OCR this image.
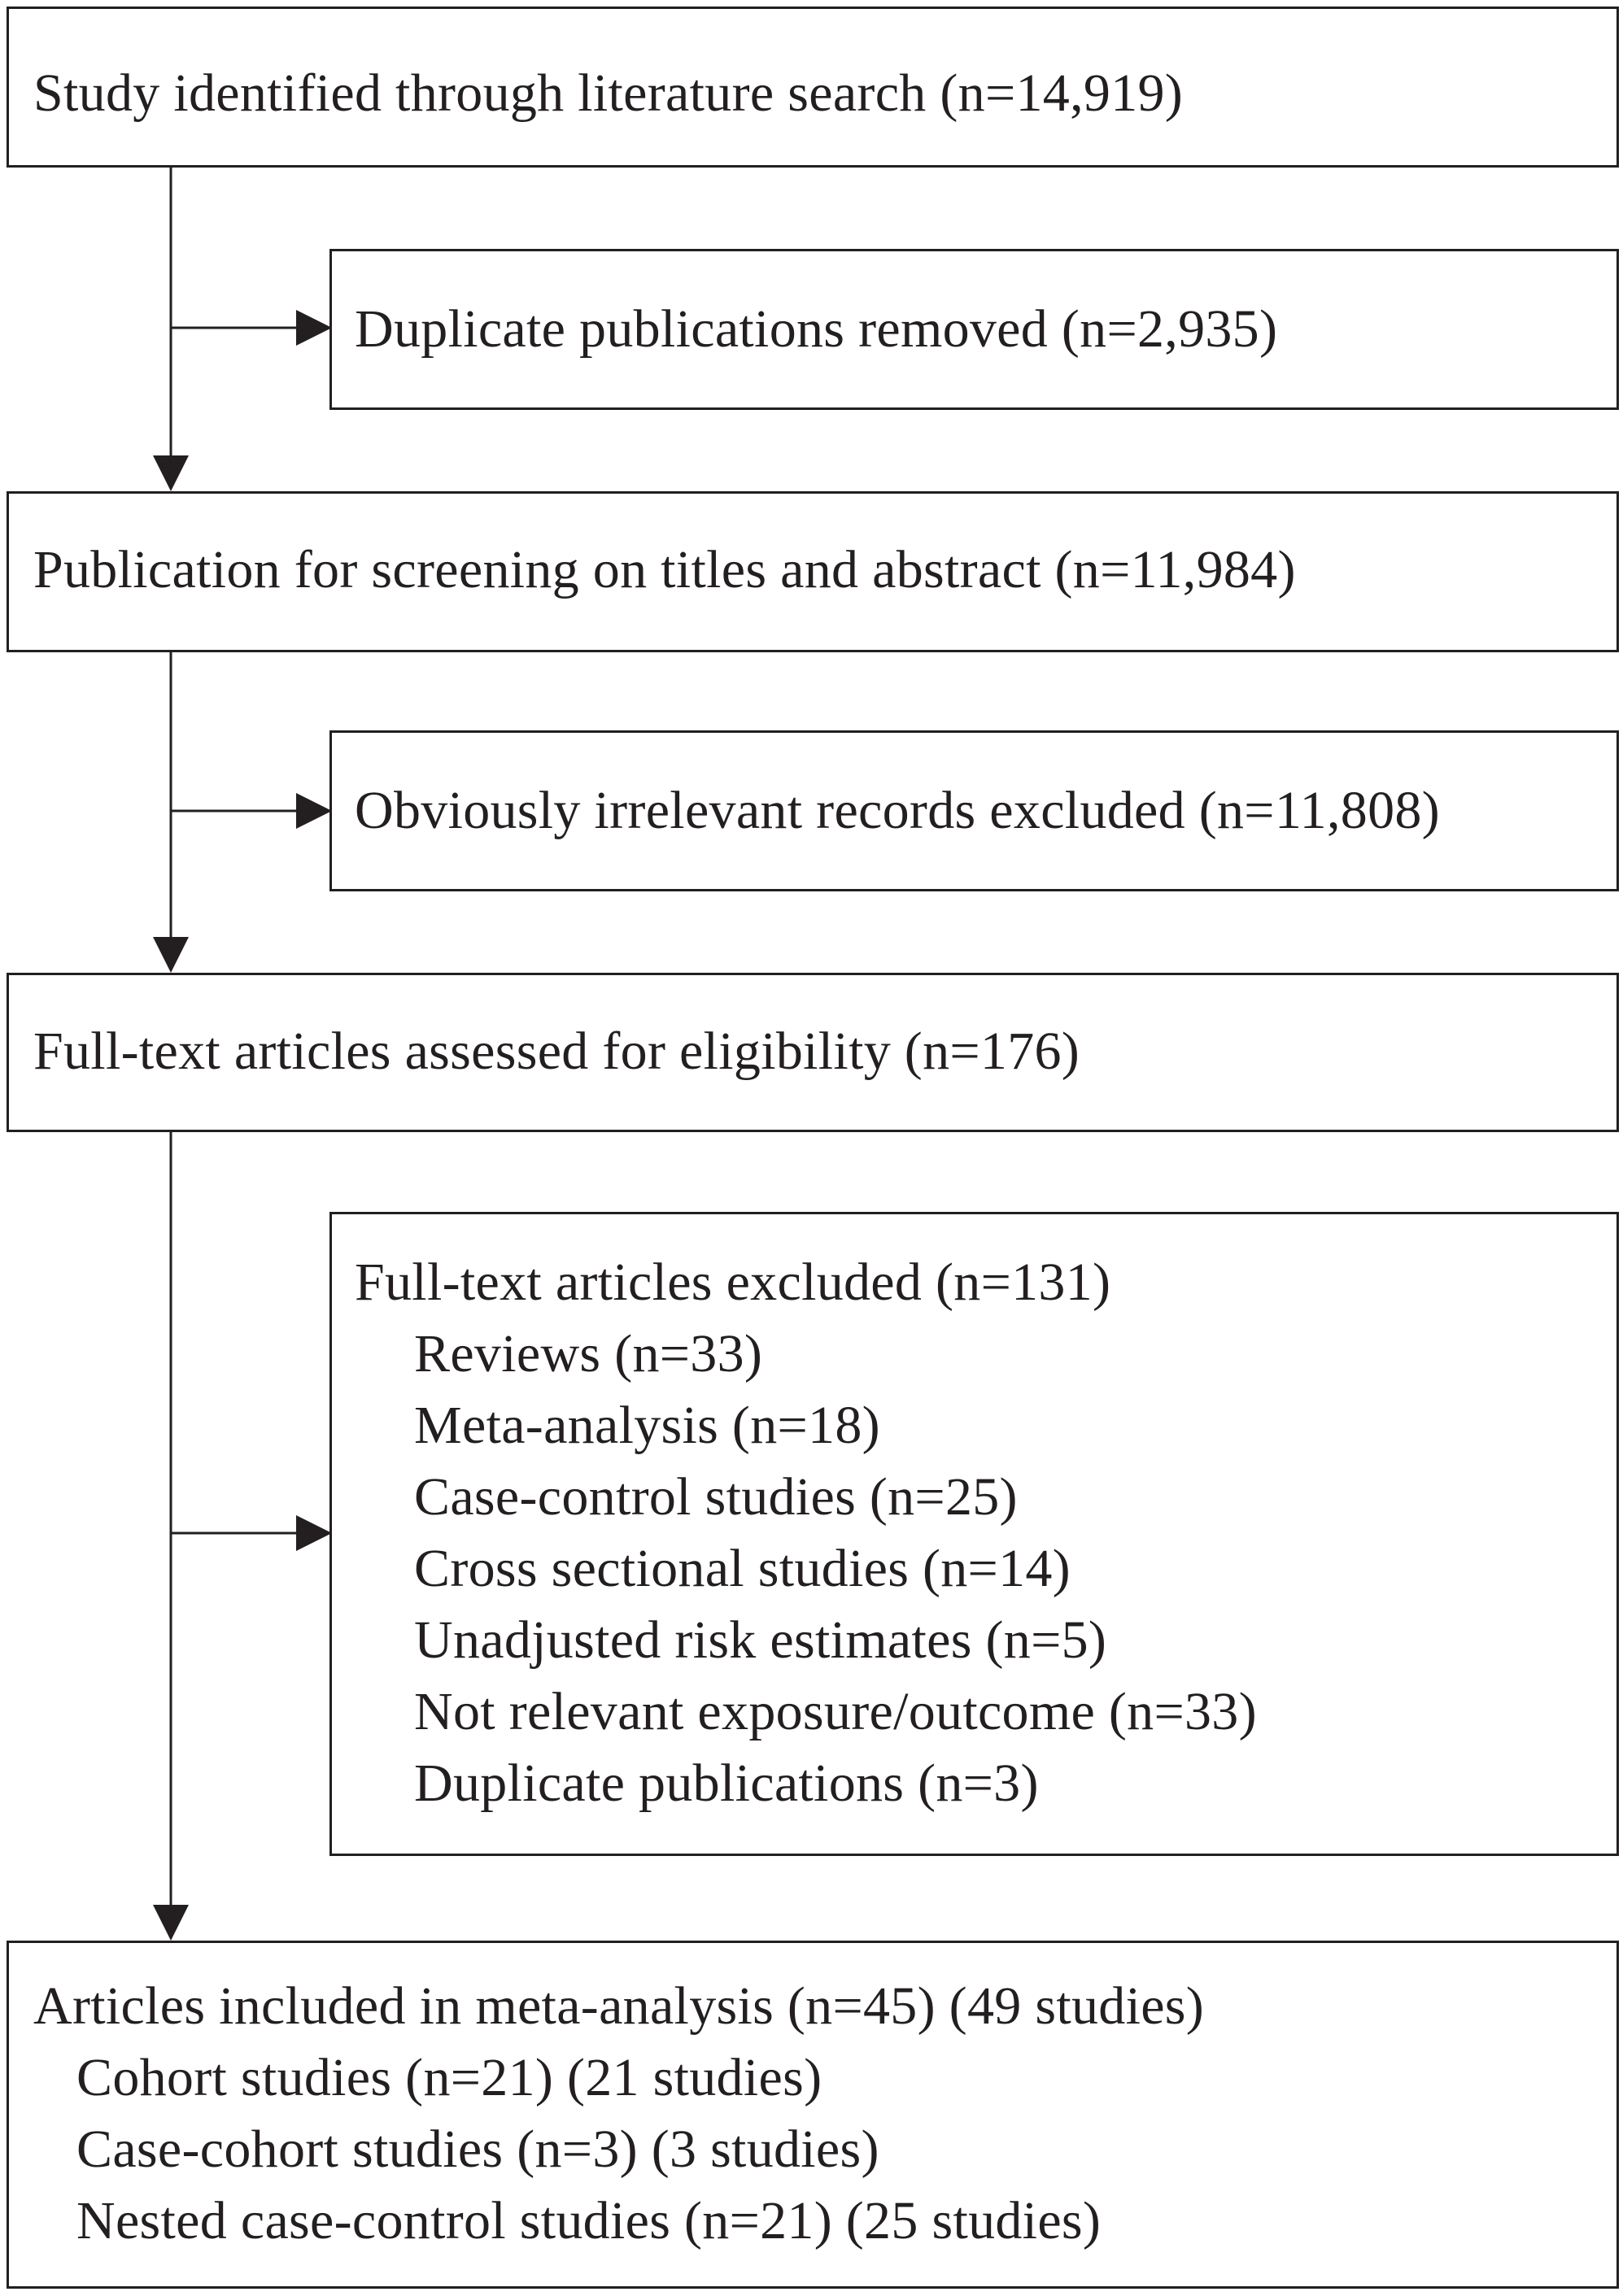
Study identified through literature search (n=14,919)
Duplicate publications removed (n=2,935)
Publication for screening on titles and abstract (n=11,984)
Obviously irrelevant records excluded (n=11,808)
Full-text articles assessed for eligibility (n=176)
Full-text articles excluded (n=131)
Reviews (n=33)
Meta-analysis (n=18)
Case-control studies (n=25)
Cross sectional studies (n=14)
Unadjusted risk estimates (n=5)
Not relevant exposure/outcome (n=33)
Duplicate publications (n=3)
Articles included in meta-analysis (n=45) (49 studies)
Cohort studies (n=21) (21 studies)
Case-cohort studies (n=3) (3 studies)
Nested case-control studies (n=21) (25 studies)
